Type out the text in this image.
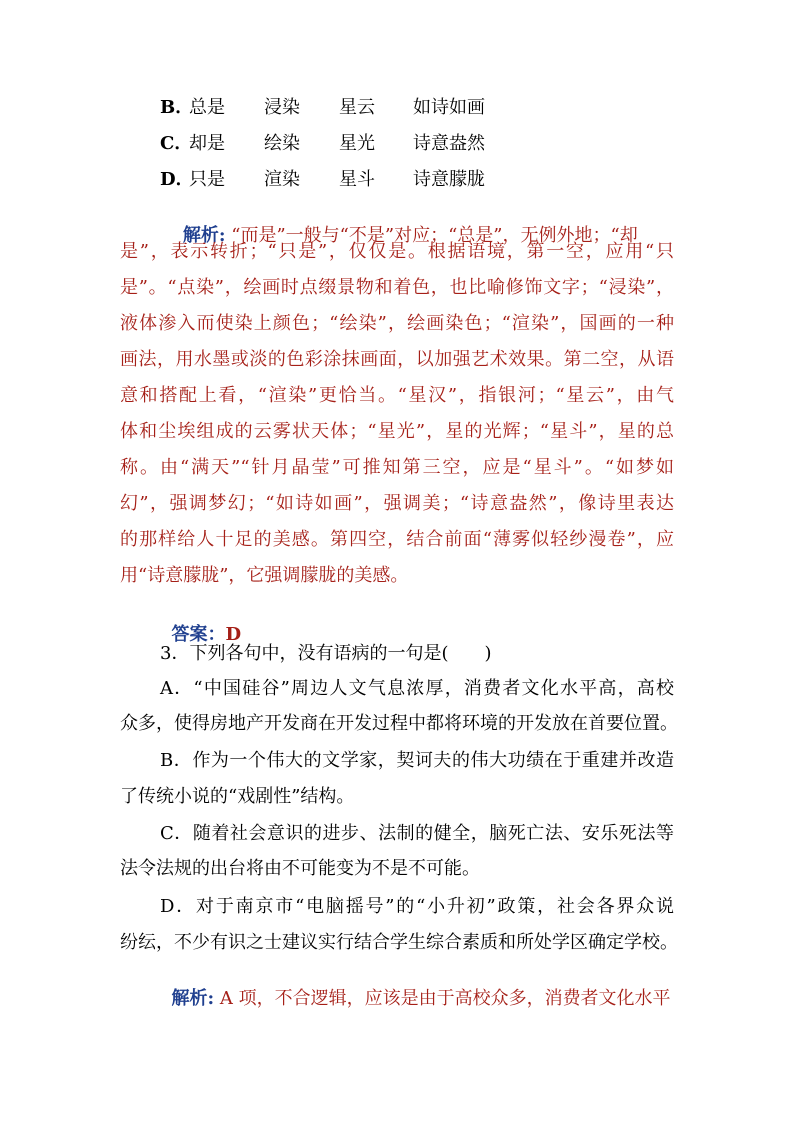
B．
总是 浸染 星云 如诗如画
C．
却是 绘染 星光 诗意盎然
D．
只是 渲染 星斗 诗意朦胧

解析: “而是”一般与“不是”对应；“总是”，无例外地；“却

是”，表示转折；“只是”，仅仅是。根据语境，第一空，应用“只
是”。“点染”，绘画时点缀景物和着色，也比喻修饰文字；“浸染”，
液体渗入而使染上颜色；“绘染”，绘画染色；“渲染”，国画的一种
画法，用水墨或淡的色彩涂抹画面，以加强艺术效果。第二空，从语
意和搭配上看，“渲染”更恰当。“星汉”，指银河；“星云”，由气
体和尘埃组成的云雾状天体；“星光”，星的光辉；“星斗”，星的总
称。由“满天”“针月晶莹”可推知第三空，应是“星斗”。“如梦如
幻”，强调梦幻；“如诗如画”，强调美；“诗意盎然”，像诗里表达
的那样给人十足的美感。第四空，结合前面“薄雾似轻纱漫卷”，应
用“诗意朦胧”，它强调朦胧的美感。

答案：D

3．下列各句中，没有语病的一句是(　　)
A．“中国硅谷”周边人文气息浓厚，消费者文化水平高，高校
众多，使得房地产开发商在开发过程中都将环境的开发放在首要位置。
B．作为一个伟大的文学家，契诃夫的伟大功绩在于重建并改造
了传统小说的“戏剧性”结构。
C．随着社会意识的进步、法制的健全，脑死亡法、安乐死法等
法令法规的出台将由不可能变为不是不可能。
D．对于南京市“电脑摇号”的“小升初”政策，社会各界众说
纷纭，不少有识之士建议实行结合学生综合素质和所处学区确定学校。

解析: A 项，不合逻辑，应该是由于高校众多，消费者文化水平
